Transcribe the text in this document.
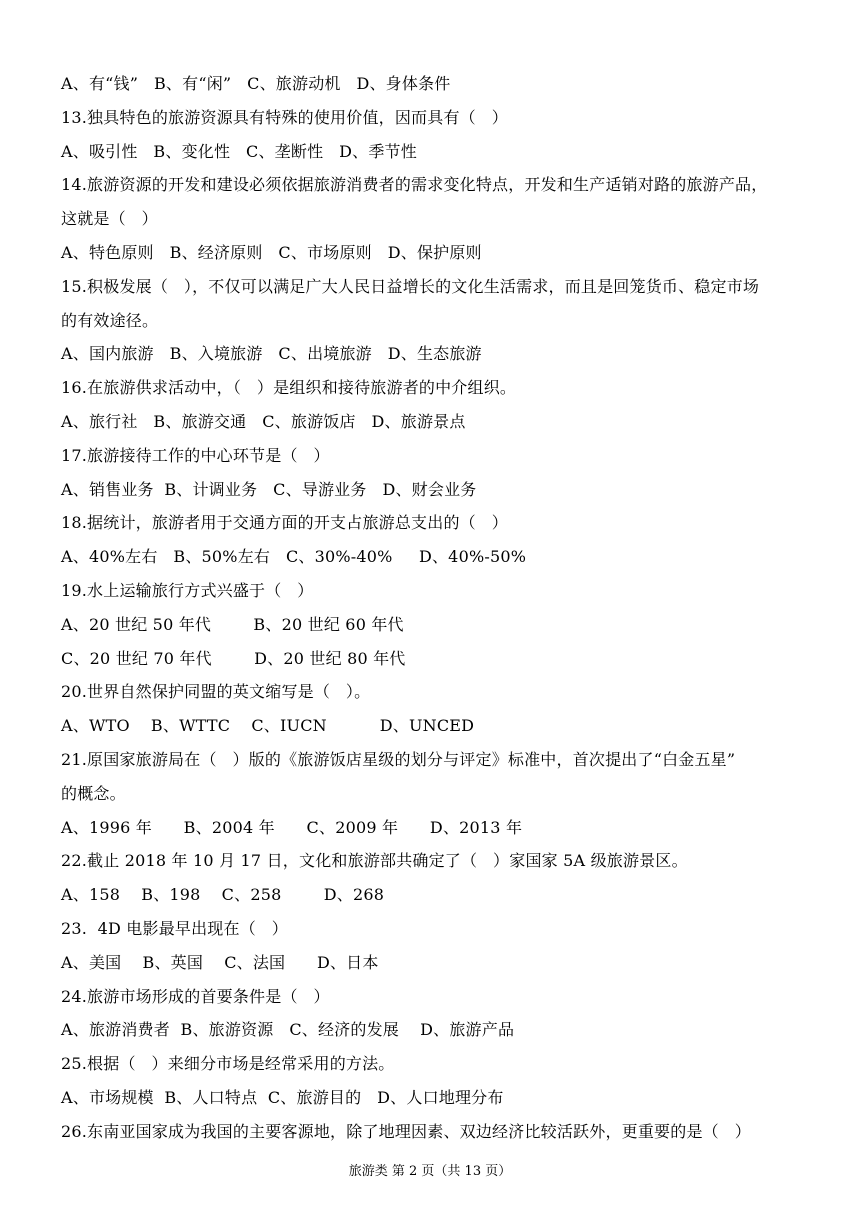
A、有“钱”   B、有“闲”   C、旅游动机   D、身体条件
13.独具特色的旅游资源具有特殊的使用价值，因而具有（   ）
A、吸引性   B、变化性   C、垄断性   D、季节性
14.旅游资源的开发和建设必须依据旅游消费者的需求变化特点，开发和生产适销对路的旅游产品，
这就是（   ）
A、特色原则   B、经济原则   C、市场原则   D、保护原则
15.积极发展（   ），不仅可以满足广大人民日益增长的文化生活需求，而且是回笼货币、稳定市场
的有效途径。
A、国内旅游   B、入境旅游   C、出境旅游   D、生态旅游
16.在旅游供求活动中，（   ）是组织和接待旅游者的中介组织。
A、旅行社   B、旅游交通   C、旅游饭店   D、旅游景点
17.旅游接待工作的中心环节是（   ）
A、销售业务  B、计调业务   C、导游业务   D、财会业务
18.据统计，旅游者用于交通方面的开支占旅游总支出的（   ）
A、40%左右   B、50%左右   C、30%-40%     D、40%-50%
19.水上运输旅行方式兴盛于（   ）
A、20 世纪 50 年代        B、20 世纪 60 年代
C、20 世纪 70 年代        D、20 世纪 80 年代
20.世界自然保护同盟的英文缩写是（   ）。
A、WTO    B、WTTC    C、IUCN          D、UNCED
21.原国家旅游局在（   ）版的《旅游饭店星级的划分与评定》标准中，首次提出了“白金五星”
的概念。
A、1996 年      B、2004 年      C、2009 年      D、2013 年
22.截止 2018 年 10 月 17 日，文化和旅游部共确定了（   ）家国家 5A 级旅游景区。
A、158    B、198    C、258        D、268
23.  4D 电影最早出现在（   ）
A、美国    B、英国    C、法国      D、日本
24.旅游市场形成的首要条件是（   ）
A、旅游消费者  B、旅游资源   C、经济的发展    D、旅游产品
25.根据（   ）来细分市场是经常采用的方法。
A、市场规模  B、人口特点  C、旅游目的   D、人口地理分布
26.东南亚国家成为我国的主要客源地，除了地理因素、双边经济比较活跃外，更重要的是（   ）
旅游类 第 2 页（共 13 页）
